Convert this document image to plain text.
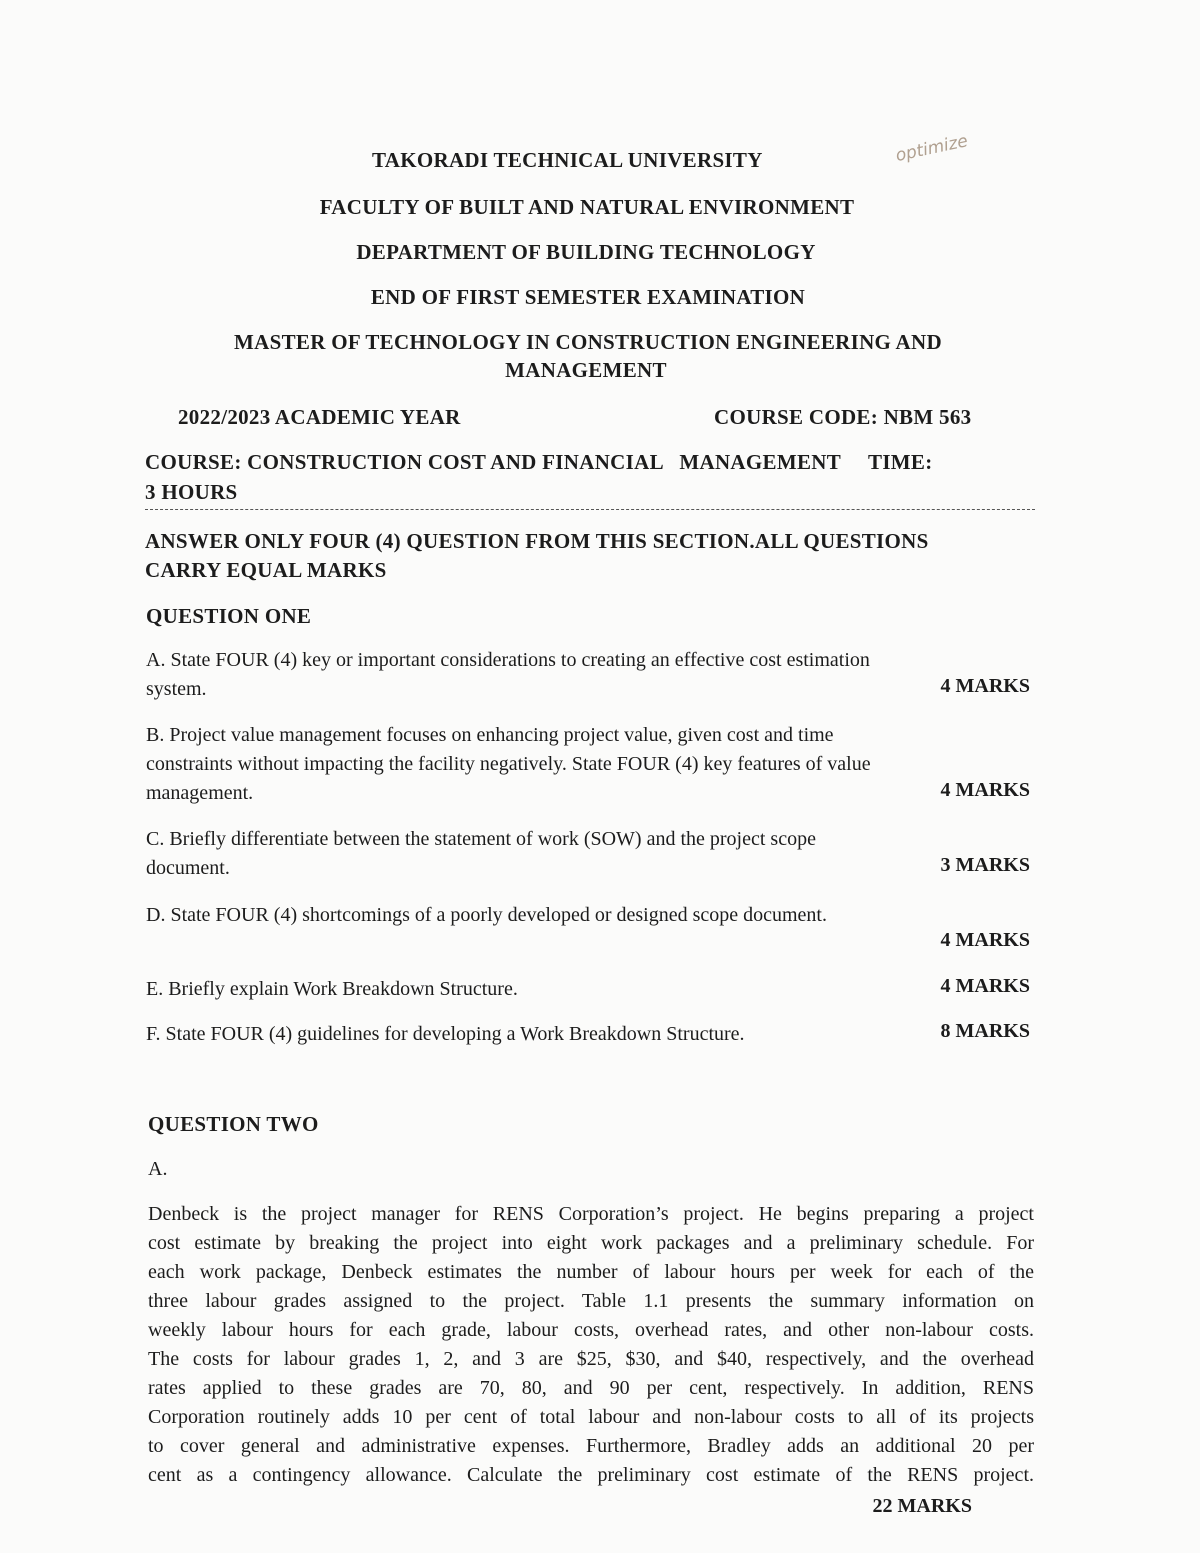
optimize
TAKORADI TECHNICAL UNIVERSITY
FACULTY OF BUILT AND NATURAL ENVIRONMENT
DEPARTMENT OF BUILDING TECHNOLOGY
END OF FIRST SEMESTER EXAMINATION
MASTER OF TECHNOLOGY IN CONSTRUCTION ENGINEERING AND
MANAGEMENT
2022/2023 ACADEMIC YEAR	COURSE CODE: NBM 563
COURSE: CONSTRUCTION COST AND FINANCIAL   MANAGEMENT     TIME:
3 HOURS
ANSWER ONLY FOUR (4) QUESTION FROM THIS SECTION.ALL QUESTIONS
CARRY EQUAL MARKS
QUESTION ONE
A. State FOUR (4) key or important considerations to creating an effective cost estimation
system.	4 MARKS
B. Project value management focuses on enhancing project value, given cost and time
constraints without impacting the facility negatively. State FOUR (4) key features of value
management.	4 MARKS
C. Briefly differentiate between the statement of work (SOW) and the project scope
document.	3 MARKS
D. State FOUR (4) shortcomings of a poorly developed or designed scope document.
4 MARKS
E. Briefly explain Work Breakdown Structure.	4 MARKS
F. State FOUR (4) guidelines for developing a Work Breakdown Structure.	8 MARKS
QUESTION TWO
A.
Denbeck is the project manager for RENS Corporation’s project. He begins preparing a project
cost estimate by breaking the project into eight work packages and a preliminary schedule. For
each work package, Denbeck estimates the number of labour hours per week for each of the
three labour grades assigned to the project. Table 1.1 presents the summary information on
weekly labour hours for each grade, labour costs, overhead rates, and other non-labour costs.
The costs for labour grades 1, 2, and 3 are $25, $30, and $40, respectively, and the overhead
rates applied to these grades are 70, 80, and 90 per cent, respectively. In addition, RENS
Corporation routinely adds 10 per cent of total labour and non-labour costs to all of its projects
to cover general and administrative expenses. Furthermore, Bradley adds an additional 20 per
cent as a contingency allowance. Calculate the preliminary cost estimate of the RENS project.
22 MARKS
